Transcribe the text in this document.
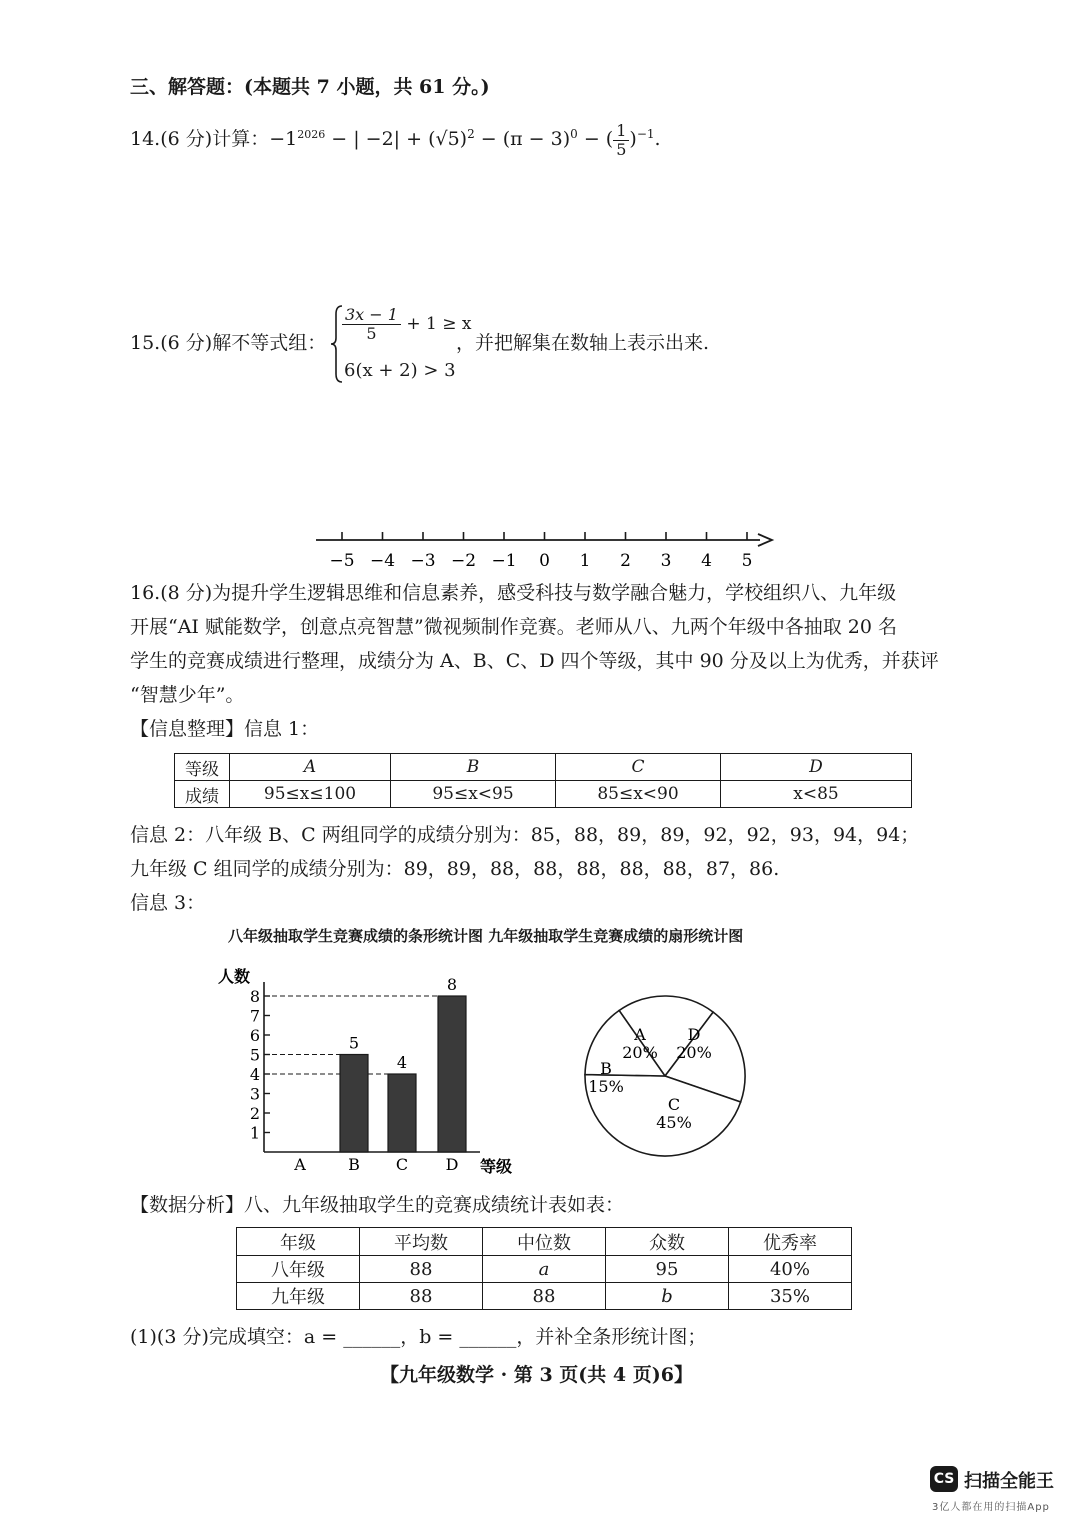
三、解答题：(本题共 7 小题，共 61 分。)
14.(6 分)计算：$-1^{2026}$ − | $-2| + (√5)^2 - (\pi - 3)^0$ − ( $\frac{1}{5} )^{-1}$.
15.(6 分)解不等式组：
$\frac{3x - 1}{5} + 1 \ge x$
6(x + 2) > 3
，并把解集在数轴上表示出来.
−5 −4 −3 −2 −1 0 1 2 3 4 5
16.(8 分)为提升学生逻辑思维和信息素养，感受科技与数学融合魅力，学校组织八、九年级
开展“AI 赋能数学，创意点亮智慧”微视频制作竞赛。老师从八、九两个年级中各抽取 20 名
学生的竞赛成绩进行整理，成绩分为 A、B、C、D 四个等级，其中 90 分及以上为优秀，并获评
“智慧少年”。
【信息整理】信息 1：
等级	A	B	C	D
成绩	95≤x≤100	95≤x<95	85≤x<90	x<85
信息 2：八年级 B、C 两组同学的成绩分别为：85，88，89，89，92，92，93，94，94；
九年级 C 组同学的成绩分别为：89，89，88，88，88，88，88，87，86.
信息 3：
八年级抽取学生竞赛成绩的条形统计图 九年级抽取学生竞赛成绩的扇形统计图
人数
等级
1
2
3
4
5
6
7
8
5
4
8
A	B C D
A
20%
D
20%
C
45%
B
15%
【数据分析】八、九年级抽取学生的竞赛成绩统计表如表：
年级	平均数	中位数	众数	优秀率
八年级	88	a	95	40%
九年级	88	88	b	35%
(1)(3 分)完成填空：a = ______，b = ______，并补全条形统计图；
【九年级数学 · 第 3 页(共 4 页)6】
CS 扫描全能王
3亿人都在用的扫描App
